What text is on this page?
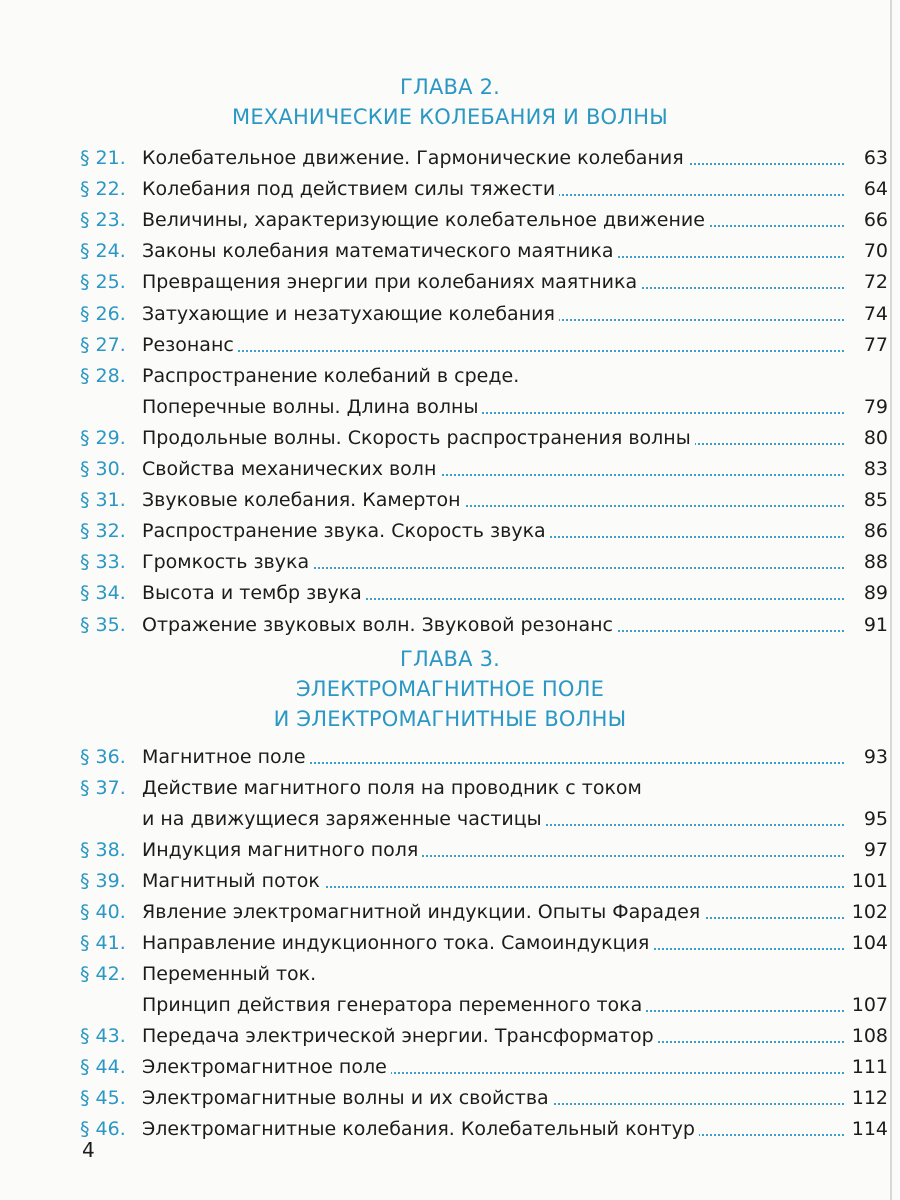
ГЛАВА 2.
МЕХАНИЧЕСКИЕ КОЛЕБАНИЯ И ВОЛНЫ
§ 21. Колебательное движение. Гармонические колебания	63
§ 22. Колебания под действием силы тяжести	64
§ 23. Величины, характеризующие колебательное движение	66
§ 24. Законы колебания математического маятника	70
§ 25. Превращения энергии при колебаниях маятника	72
§ 26. Затухающие и незатухающие колебания	74
§ 27. Резонанс	77
§ 28. Распространение колебаний в среде.
Поперечные волны. Длина волны	79
§ 29. Продольные волны. Скорость распространения волны	80
§ 30. Свойства механических волн	83
§ 31. Звуковые колебания. Камертон	85
§ 32. Распространение звука. Скорость звука	86
§ 33. Громкость звука	88
§ 34. Высота и тембр звука	89
§ 35. Отражение звуковых волн. Звуковой резонанс	91
ГЛАВА 3.
ЭЛЕКТРОМАГНИТНОЕ ПОЛЕ
И ЭЛЕКТРОМАГНИТНЫЕ ВОЛНЫ
§ 36. Магнитное поле	93
§ 37. Действие магнитного поля на проводник с током
и на движущиеся заряженные частицы	95
§ 38. Индукция магнитного поля	97
§ 39. Магнитный поток	101
§ 40. Явление электромагнитной индукции. Опыты Фарадея	102
§ 41. Направление индукционного тока. Самоиндукция	104
§ 42. Переменный ток.
Принцип действия генератора переменного тока	107
§ 43. Передача электрической энергии. Трансформатор	108
§ 44. Электромагнитное поле	111
§ 45. Электромагнитные волны и их свойства	112
§ 46. Электромагнитные колебания. Колебательный контур	114
4
